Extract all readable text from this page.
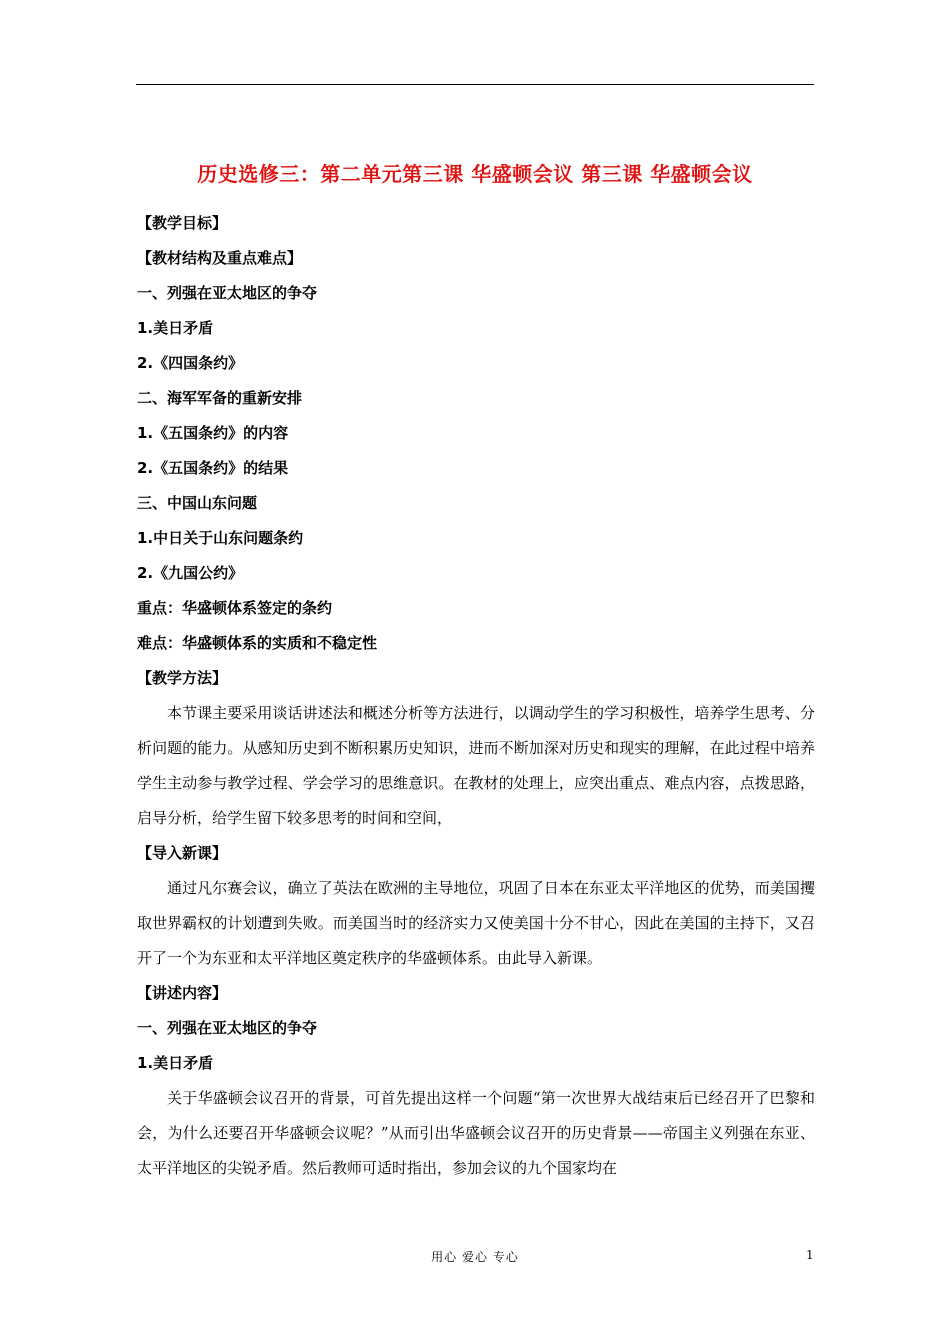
历史选修三：第二单元第三课 华盛顿会议 第三课 华盛顿会议
【教学目标】
【教材结构及重点难点】
一、列强在亚太地区的争夺
1.美日矛盾
2.《四国条约》
二、海军军备的重新安排
1.《五国条约》的内容
2.《五国条约》的结果
三、中国山东问题
1.中日关于山东问题条约
2.《九国公约》
重点：华盛顿体系签定的条约
难点：华盛顿体系的实质和不稳定性
【教学方法】
本节课主要采用谈话讲述法和概述分析等方法进行，以调动学生的学习积极性，培养学生思考、分析问题的能力。从感知历史到不断积累历史知识，进而不断加深对历史和现实的理解，在此过程中培养学生主动参与教学过程、学会学习的思维意识。在教材的处理上，应突出重点、难点内容，点拨思路，启导分析，给学生留下较多思考的时间和空间，
【导入新课】
通过凡尔赛会议，确立了英法在欧洲的主导地位，巩固了日本在东亚太平洋地区的优势，而美国攫取世界霸权的计划遭到失败。而美国当时的经济实力又使美国十分不甘心，因此在美国的主持下，又召开了一个为东亚和太平洋地区奠定秩序的华盛顿体系。由此导入新课。
【讲述内容】
一、列强在亚太地区的争夺
1.美日矛盾
关于华盛顿会议召开的背景，可首先提出这样一个问题“第一次世界大战结束后已经召开了巴黎和会，为什么还要召开华盛顿会议呢？”从而引出华盛顿会议召开的历史背景——帝国主义列强在东亚、太平洋地区的尖锐矛盾。然后教师可适时指出，参加会议的九个国家均在
用心 爱心 专心	1
